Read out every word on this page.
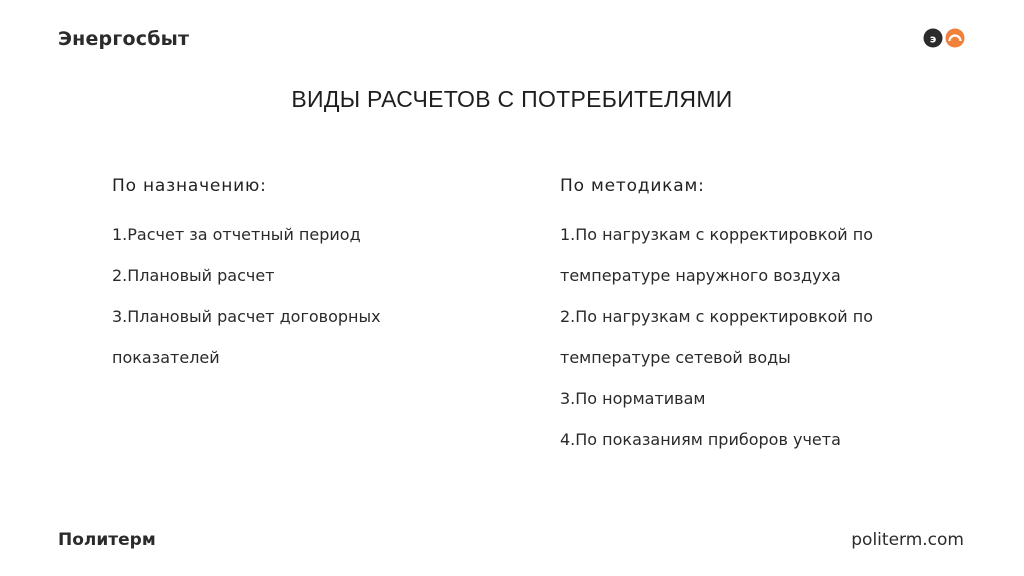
Энергосбыт	э
ВИДЫ РАСЧЕТОВ С ПОТРЕБИТЕЛЯМИ
По назначению:
1.Расчет за отчетный период
2.Плановый расчет
3.Плановый расчет договорных
показателей
По методикам:
1.По нагрузкам с корректировкой по
температуре наружного воздуха
2.По нагрузкам с корректировкой по
температуре сетевой воды
3.По нормативам
4.По показаниям приборов учета
Политерм	politerm.com
